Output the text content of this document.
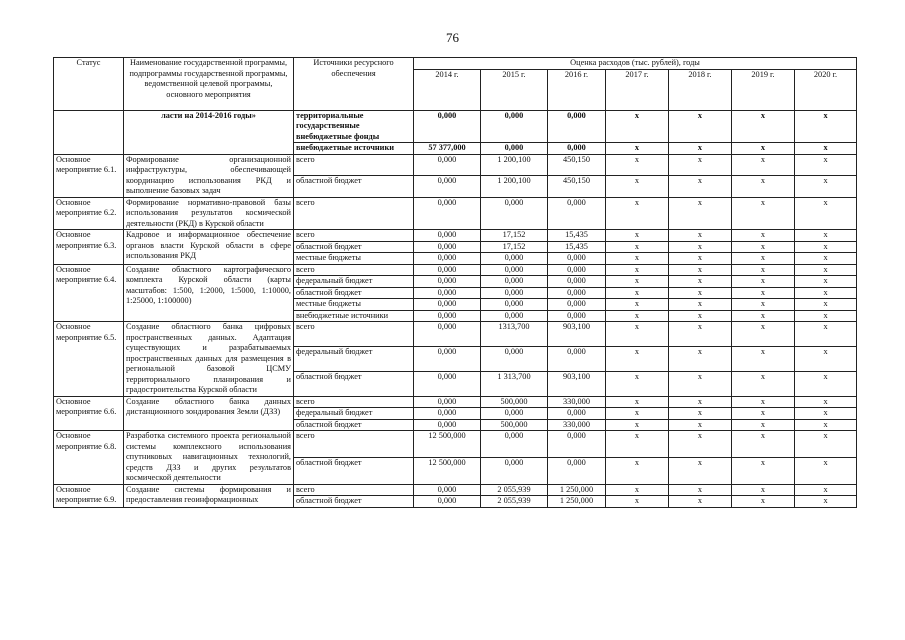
76
Статус	Наименование государственной программы, подпрограммы государственной программы, ведомственной целевой программы, основного мероприятия	Источники ресурсного обеспечения	Оценка расходов (тыс. рублей), годы						
			2014 г.	2015 г.	2016 г.	2017 г.	2018 г.	2019 г.	2020 г.
	ласти на 2014-2016 годы»	территориальные государственные внебюджетные фонды	0,000	0,000	0,000	х	х	х	х
		внебюджетные источники	57 377,000	0,000	0,000	х	х	х	х
Основное мероприятие 6.1.	Формирование организационной инфраструктуры, обеспечивающей координацию использования РКД и выполнение базовых задач	всего	0,000	1 200,100	450,150	х	х	х	х
		областной бюджет	0,000	1 200,100	450,150	х	х	х	х
Основное мероприятие 6.2.	Формирование нормативно-правовой базы использования результатов космической деятельности (РКД) в Курской области	всего	0,000	0,000	0,000	х	х	х	х
Основное мероприятие 6.3.	Кадровое и информационное обеспечение органов власти Курской области в сфере использования РКД	всего	0,000	17,152	15,435	х	х	х	х
		областной бюджет	0,000	17,152	15,435	х	х	х	х
		местные бюджеты	0,000	0,000	0,000	х	х	х	х
Основное мероприятие 6.4.	Создание областного картографического комплекта Курской области (карты масштабов: 1:500, 1:2000, 1:5000, 1:10000, 1:25000, 1:100000)	всего	0,000	0,000	0,000	х	х	х	х
		федеральный бюджет	0,000	0,000	0,000	х	х	х	х
		областной бюджет	0,000	0,000	0,000	х	х	х	х
		местные бюджеты	0,000	0,000	0,000	х	х	х	х
		внебюджетные источники	0,000	0,000	0,000	х	х	х	х
Основное мероприятие 6.5.	Создание областного банка цифровых пространственных данных. Адаптация существующих и разрабатываемых пространственных данных для размещения в региональной базовой ЦСМУ территориального планирования и градостроительства Курской области	всего	0,000	1313,700	903,100	х	х	х	х
		федеральный бюджет	0,000	0,000	0,000	х	х	х	х
		областной бюджет	0,000	1 313,700	903,100	х	х	х	х
Основное мероприятие 6.6.	Создание областного банка данных дистанционного зондирования Земли (ДЗЗ)	всего	0,000	500,000	330,000	х	х	х	х
		федеральный бюджет	0,000	0,000	0,000	х	х	х	х
		областной бюджет	0,000	500,000	330,000	х	х	х	х
Основное мероприятие 6.8.	Разработка системного проекта региональной системы комплексного использования спутниковых навигационных технологий, средств ДЗЗ и других результатов космической деятельности	всего	12 500,000	0,000	0,000	х	х	х	х
		областной бюджет	12 500,000	0,000	0,000	х	х	х	х
Основное мероприятие 6.9.	Создание системы формирования и предоставления геоинформационных	всего	0,000	2 055,939	1 250,000	х	х	х	х
		областной бюджет	0,000	2 055,939	1 250,000	х	х	х	х
